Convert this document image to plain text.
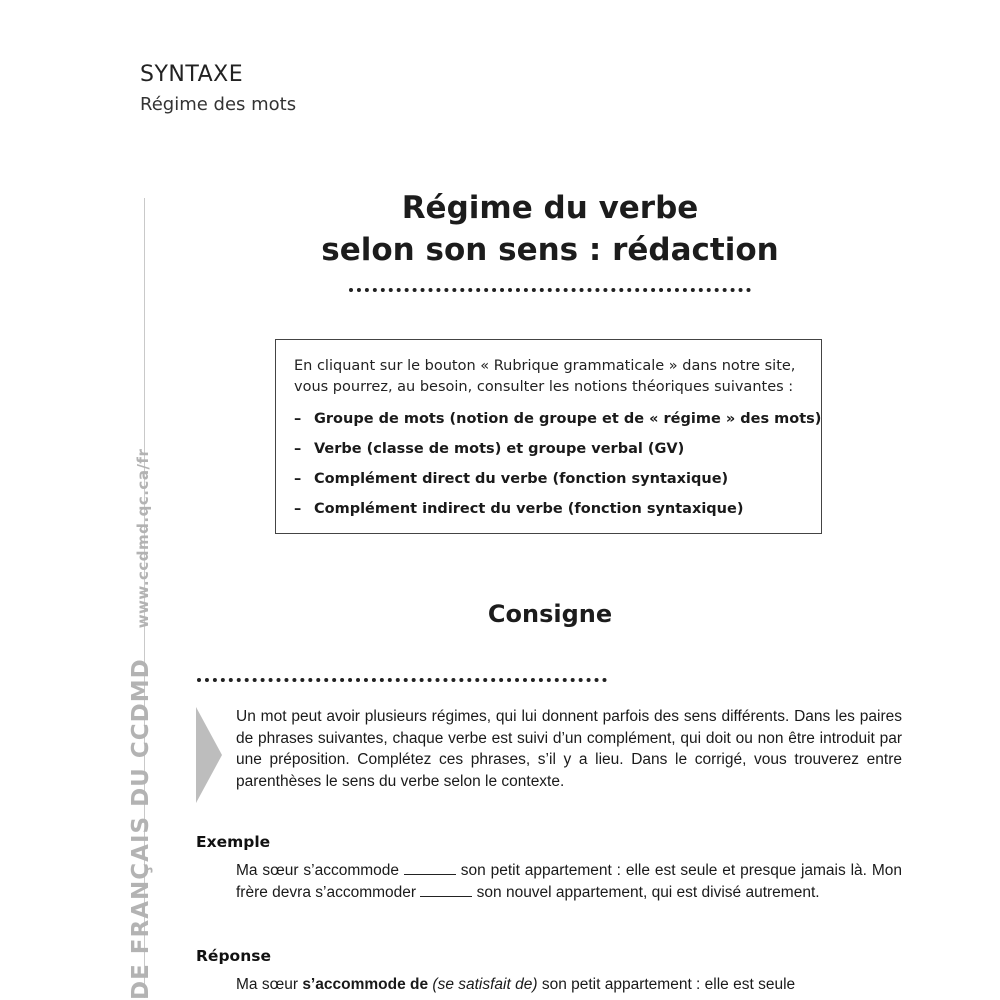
SYNTAXE
Régime des mots
DE FRANÇAIS DU CCDMDwww.ccdmd.qc.ca/fr
Régime du verbe
selon son sens : rédaction

En cliquant sur le bouton « Rubrique grammaticale » dans notre site,
vous pourrez, au besoin, consulter les notions théoriques suivantes :

– Groupe de mots (notion de groupe et de « régime » des mots)
– Verbe (classe de mots) et groupe verbal (GV)
– Complément direct du verbe (fonction syntaxique)
– Complément indirect du verbe (fonction syntaxique)
Consigne
Un mot peut avoir plusieurs régimes, qui lui donnent parfois des sens différents. Dans les paires de phrases suivantes, chaque verbe est suivi d’un complément, qui doit ou non être introduit par une préposition. Complétez ces phrases, s’il y a lieu. Dans le corrigé, vous trouverez entre parenthèses le sens du verbe selon le contexte.
Exemple
Ma sœur s’accommode	son petit appartement : elle est seule et presque jamais là. Mon frère devra s’accommoder	son nouvel appartement, qui est divisé autrement.
Réponse
Ma sœur s’accommode de (se satisfait de) son petit appartement : elle est seule
